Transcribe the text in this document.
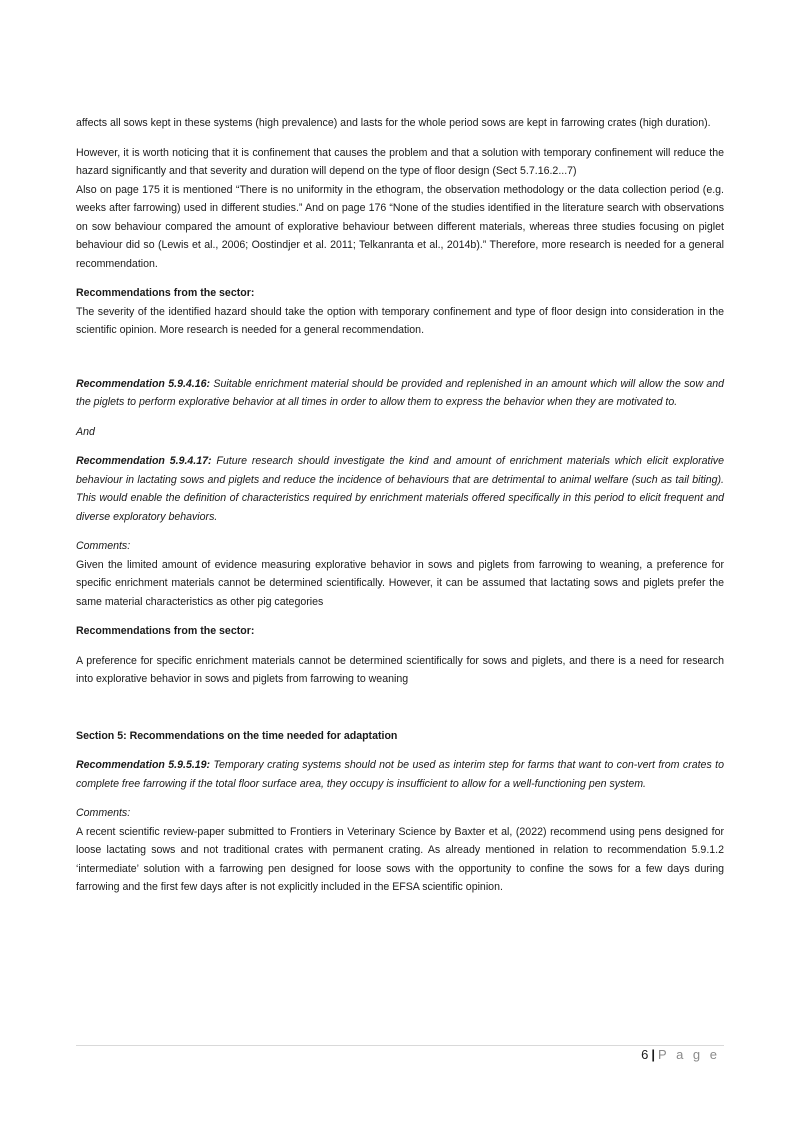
affects all sows kept in these systems (high prevalence) and lasts for the whole period sows are kept in farrowing crates (high duration).

However, it is worth noticing that it is confinement that causes the problem and that a solution with temporary confinement will reduce the hazard significantly and that severity and duration will depend on the type of floor design (Sect 5.7.16.2...7)

Also on page 175 it is mentioned “There is no uniformity in the ethogram, the observation methodology or the data collection period (e.g. weeks after farrowing) used in different studies.” And on page 176 “None of the studies identified in the literature search with observations on sow behaviour compared the amount of explorative behaviour between different materials, whereas three studies focusing on piglet behaviour did so (Lewis et al., 2006; Oostindjer et al. 2011; Telkanranta et al., 2014b).” Therefore, more research is needed for a general recommendation.

Recommendations from the sector:

The severity of the identified hazard should take the option with temporary confinement and type of floor design into consideration in the scientific opinion. More research is needed for a general recommendation.

Recommendation 5.9.4.16: Suitable enrichment material should be provided and replenished in an amount which will allow the sow and the piglets to perform explorative behavior at all times in order to allow them to express the behavior when they are motivated to.

And

Recommendation 5.9.4.17: Future research should investigate the kind and amount of enrichment materials which elicit explorative behaviour in lactating sows and piglets and reduce the incidence of behaviours that are detrimental to animal welfare (such as tail biting). This would enable the definition of characteristics required by enrichment materials offered specifically in this period to elicit frequent and diverse exploratory behaviors.

Comments:

Given the limited amount of evidence measuring explorative behavior in sows and piglets from farrowing to weaning, a preference for specific enrichment materials cannot be determined scientifically. However, it can be assumed that lactating sows and piglets prefer the same material characteristics as other pig categories

Recommendations from the sector:

A preference for specific enrichment materials cannot be determined scientifically for sows and piglets, and there is a need for research into explorative behavior in sows and piglets from farrowing to weaning

Section 5: Recommendations on the time needed for adaptation

Recommendation 5.9.5.19: Temporary crating systems should not be used as interim step for farms that want to con-vert from crates to complete free farrowing if the total floor surface area, they occupy is insufficient to allow for a well-functioning pen system.

Comments:

A recent scientific review-paper submitted to Frontiers in Veterinary Science by Baxter et al, (2022) recommend using pens designed for loose lactating sows and not traditional crates with permanent crating. As already mentioned in relation to recommendation 5.9.1.2 ‘intermediate’ solution with a farrowing pen designed for loose sows with the opportunity to confine the sows for a few days during farrowing and the first few days after is not explicitly included in the EFSA scientific opinion.

6 | P a g e
